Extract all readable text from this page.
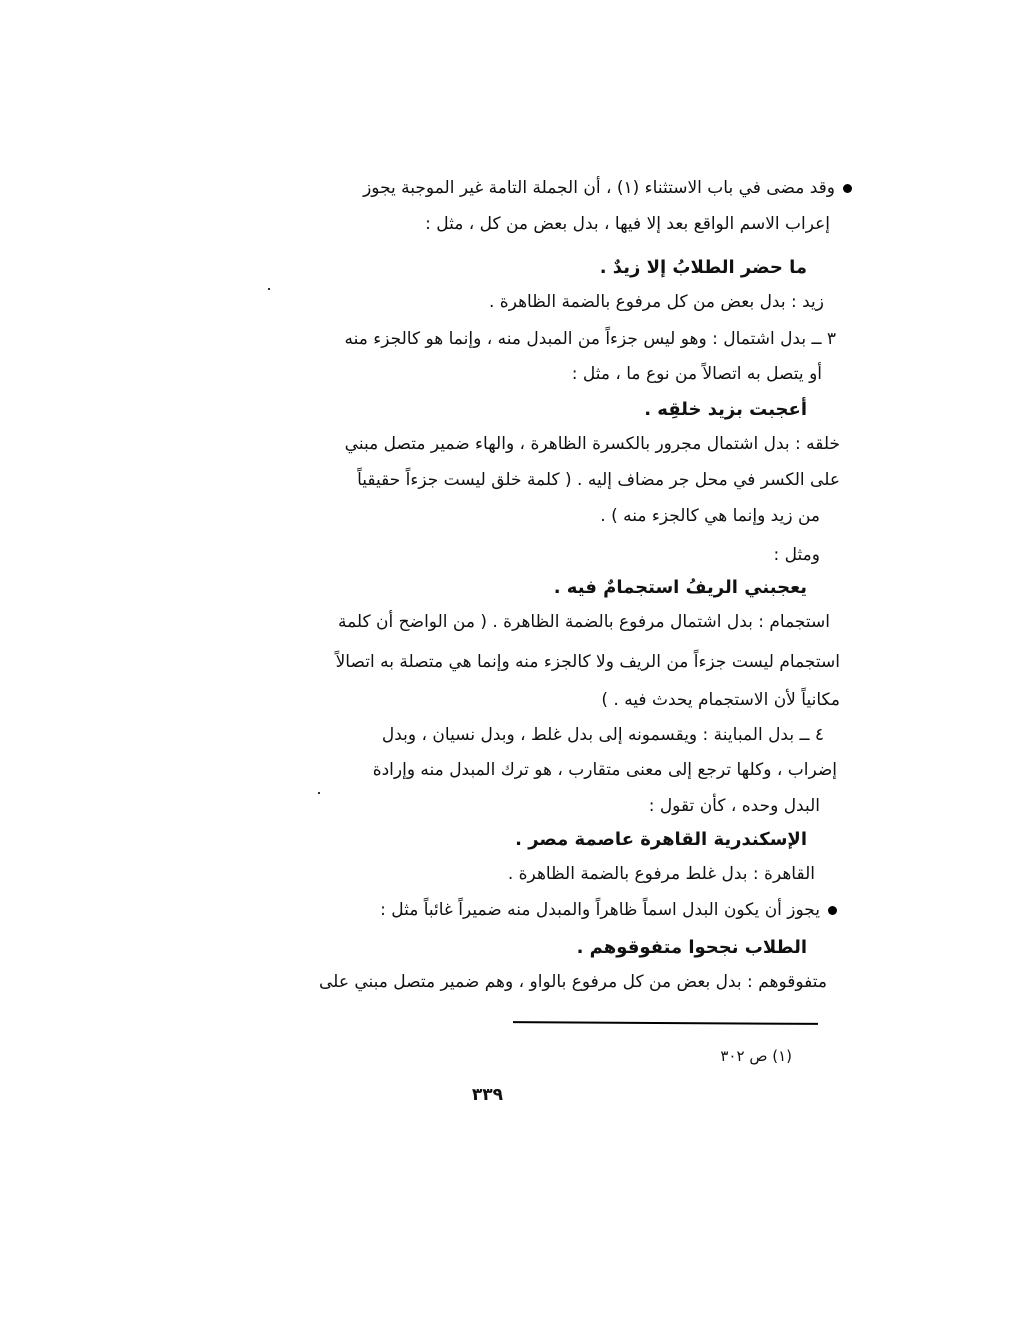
وقد مضى في باب الاستثناء (١) ، أن الجملة التامة غير الموجبة يجوز
إعراب الاسم الواقع بعد إلا فيها ، بدل بعض من كل ، مثل :
ما حضر الطلابُ إلا زيدٌ .
زيد : بدل بعض من كل مرفوع بالضمة الظاهرة .
٣ ــ بدل اشتمال : وهو ليس جزءاً من المبدل منه ، وإنما هو كالجزء منه
أو يتصل به اتصالاً من نوع ما ، مثل :
أعجبت بزيد خلقِه .
خلقه : بدل اشتمال مجرور بالكسرة الظاهرة ، والهاء ضمير متصل مبني
على الكسر في محل جر مضاف إليه . ( كلمة خلق ليست جزءاً حقيقياً
من زيد وإنما هي كالجزء منه ) .
ومثل :
يعجبني الريفُ استجمامٌ فيه .
استجمام : بدل اشتمال مرفوع بالضمة الظاهرة . ( من الواضح أن كلمة
استجمام ليست جزءاً من الريف ولا كالجزء منه وإنما هي متصلة به اتصالاً
مكانياً لأن الاستجمام يحدث فيه . )
٤ ــ بدل المباينة : ويقسمونه إلى بدل غلط ، وبدل نسيان ، وبدل
إضراب ، وكلها ترجع إلى معنى متقارب ، هو ترك المبدل منه وإرادة
البدل وحده ، كأن تقول :
الإسكندرية القاهرة عاصمة مصر .
القاهرة : بدل غلط مرفوع بالضمة الظاهرة .
يجوز أن يكون البدل اسماً ظاهراً والمبدل منه ضميراً غائباً مثل :
الطلاب نجحوا متفوقوهم .
متفوقوهم : بدل بعض من كل مرفوع بالواو ، وهم ضمير متصل مبني على
(١) ص ٣٠٢
٣٣٩
